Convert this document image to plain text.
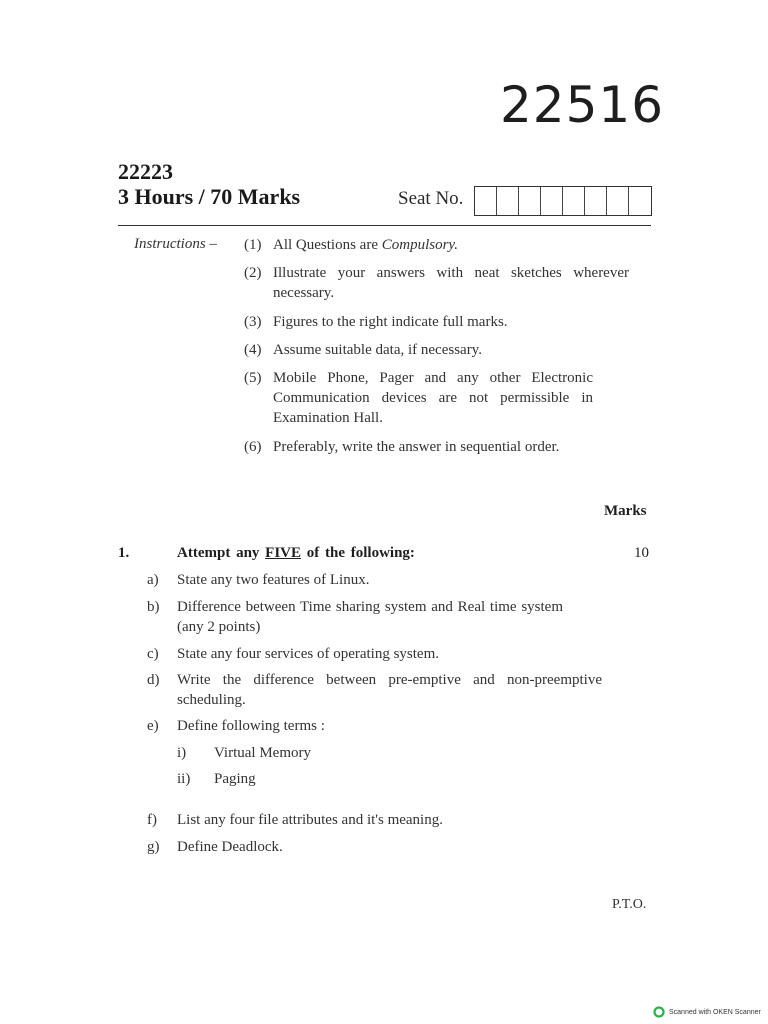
22516
22223
3 Hours / 70 Marks	Seat No.
Instructions – (1) All Questions are Compulsory.
(2) Illustrate your answers with neat sketches wherever necessary.
(3) Figures to the right indicate full marks.
(4) Assume suitable data, if necessary.
(5) Mobile Phone, Pager and any other Electronic Communication devices are not permissible in Examination Hall.
(6) Preferably, write the answer in sequential order.
Marks
1.	Attempt any FIVE of the following:	10
a) State any two features of Linux.
b) Difference between Time sharing system and Real time system (any 2 points)
c) State any four services of operating system.
d) Write the difference between pre-emptive and non-preemptive scheduling.
e) Define following terms :
i) Virtual Memory
ii) Paging
f) List any four file attributes and it's meaning.
g) Define Deadlock.
P.T.O.
Scanned with OKEN Scanner
